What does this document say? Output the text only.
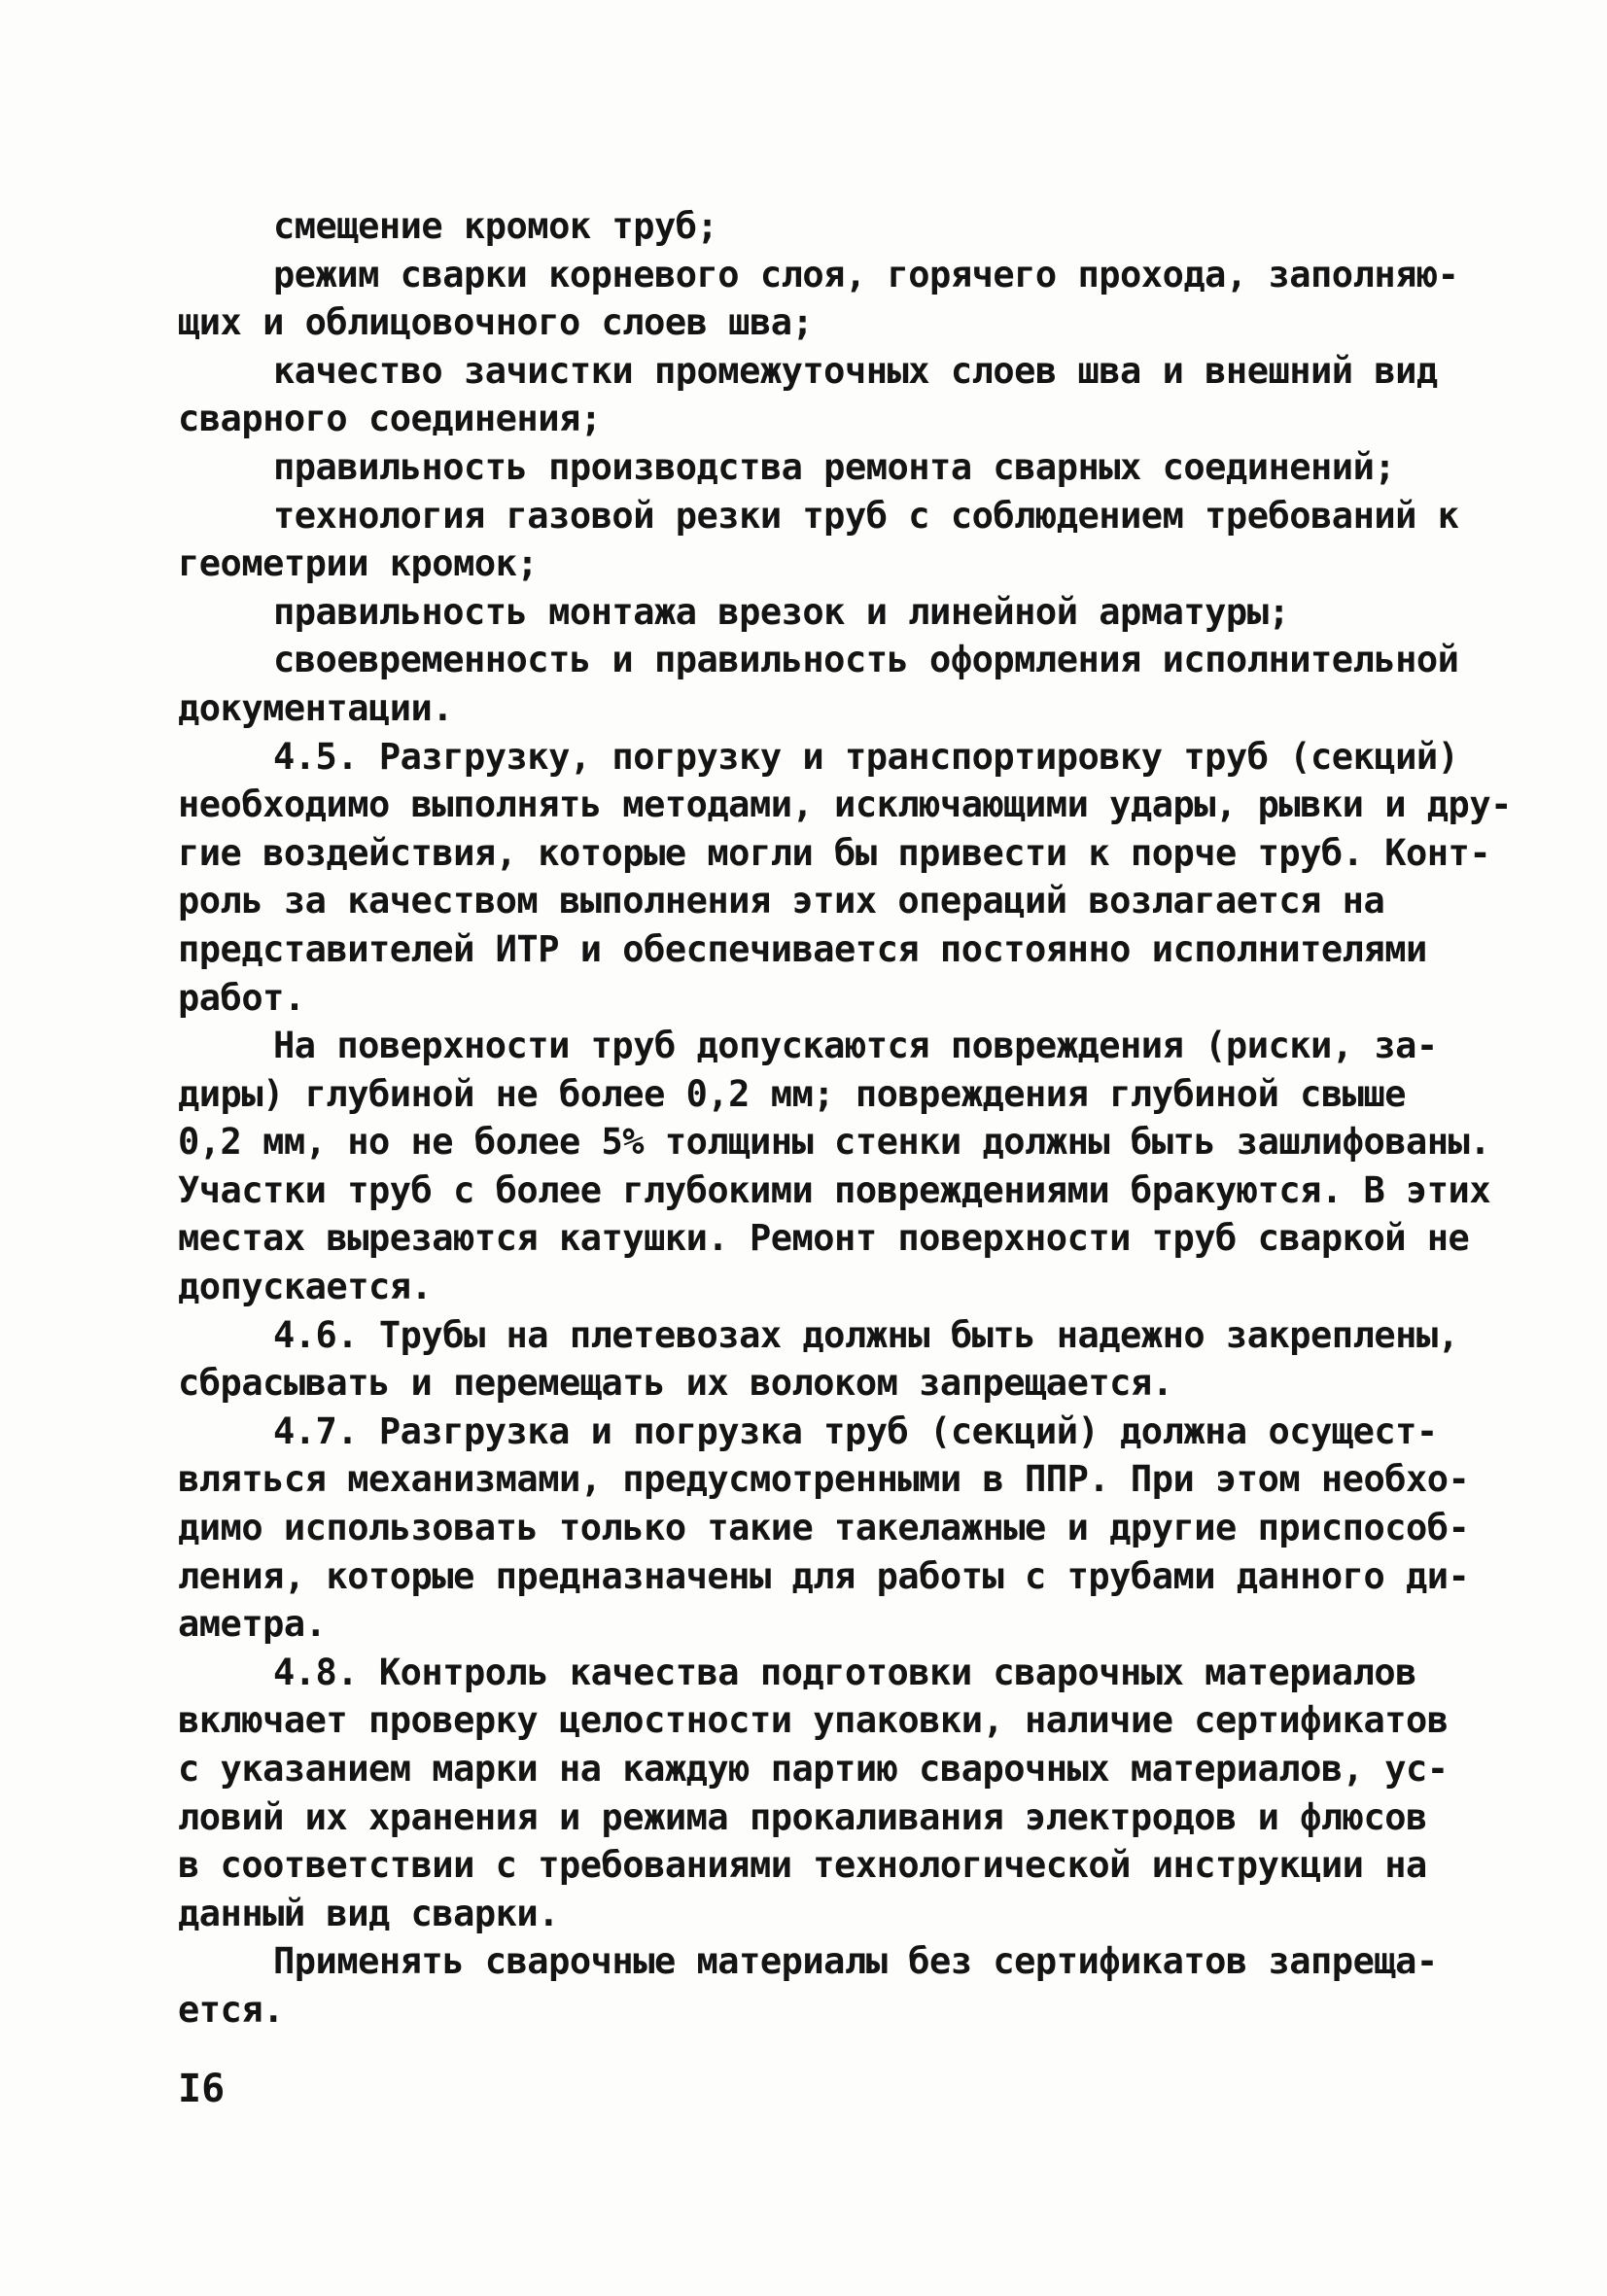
смещение кромок труб;
режим сварки корневого слоя, горячего прохода, заполняю-
щих и облицовочного слоев шва;
качество зачистки промежуточных слоев шва и внешний вид
сварного соединения;
правильность производства ремонта сварных соединений;
технология газовой резки труб с соблюдением требований к
геометрии кромок;
правильность монтажа врезок и линейной арматуры;
своевременность и правильность оформления исполнительной
документации.
4.5. Разгрузку, погрузку и транспортировку труб (секций)
необходимо выполнять методами, исключающими удары, рывки и дру-
гие воздействия, которые могли бы привести к порче труб. Конт-
роль за качеством выполнения этих операций возлагается на
представителей ИТР и обеспечивается постоянно исполнителями
работ.
На поверхности труб допускаются повреждения (риски, за-
диры) глубиной не более 0,2 мм; повреждения глубиной свыше
0,2 мм, но не более 5% толщины стенки должны быть зашлифованы.
Участки труб с более глубокими повреждениями бракуются. В этих
местах вырезаются катушки. Ремонт поверхности труб сваркой не
допускается.
4.6. Трубы на плетевозах должны быть надежно закреплены,
сбрасывать и перемещать их волоком запрещается.
4.7. Разгрузка и погрузка труб (секций) должна осущест-
вляться механизмами, предусмотренными в ППР. При этом необхо-
димо использовать только такие такелажные и другие приспособ-
ления, которые предназначены для работы с трубами данного ди-
аметра.
4.8. Контроль качества подготовки сварочных материалов
включает проверку целостности упаковки, наличие сертификатов
с указанием марки на каждую партию сварочных материалов, ус-
ловий их хранения и режима прокаливания электродов и флюсов
в соответствии с требованиями технологической инструкции на
данный вид сварки.
Применять сварочные материалы без сертификатов запреща-
ется.
I6
